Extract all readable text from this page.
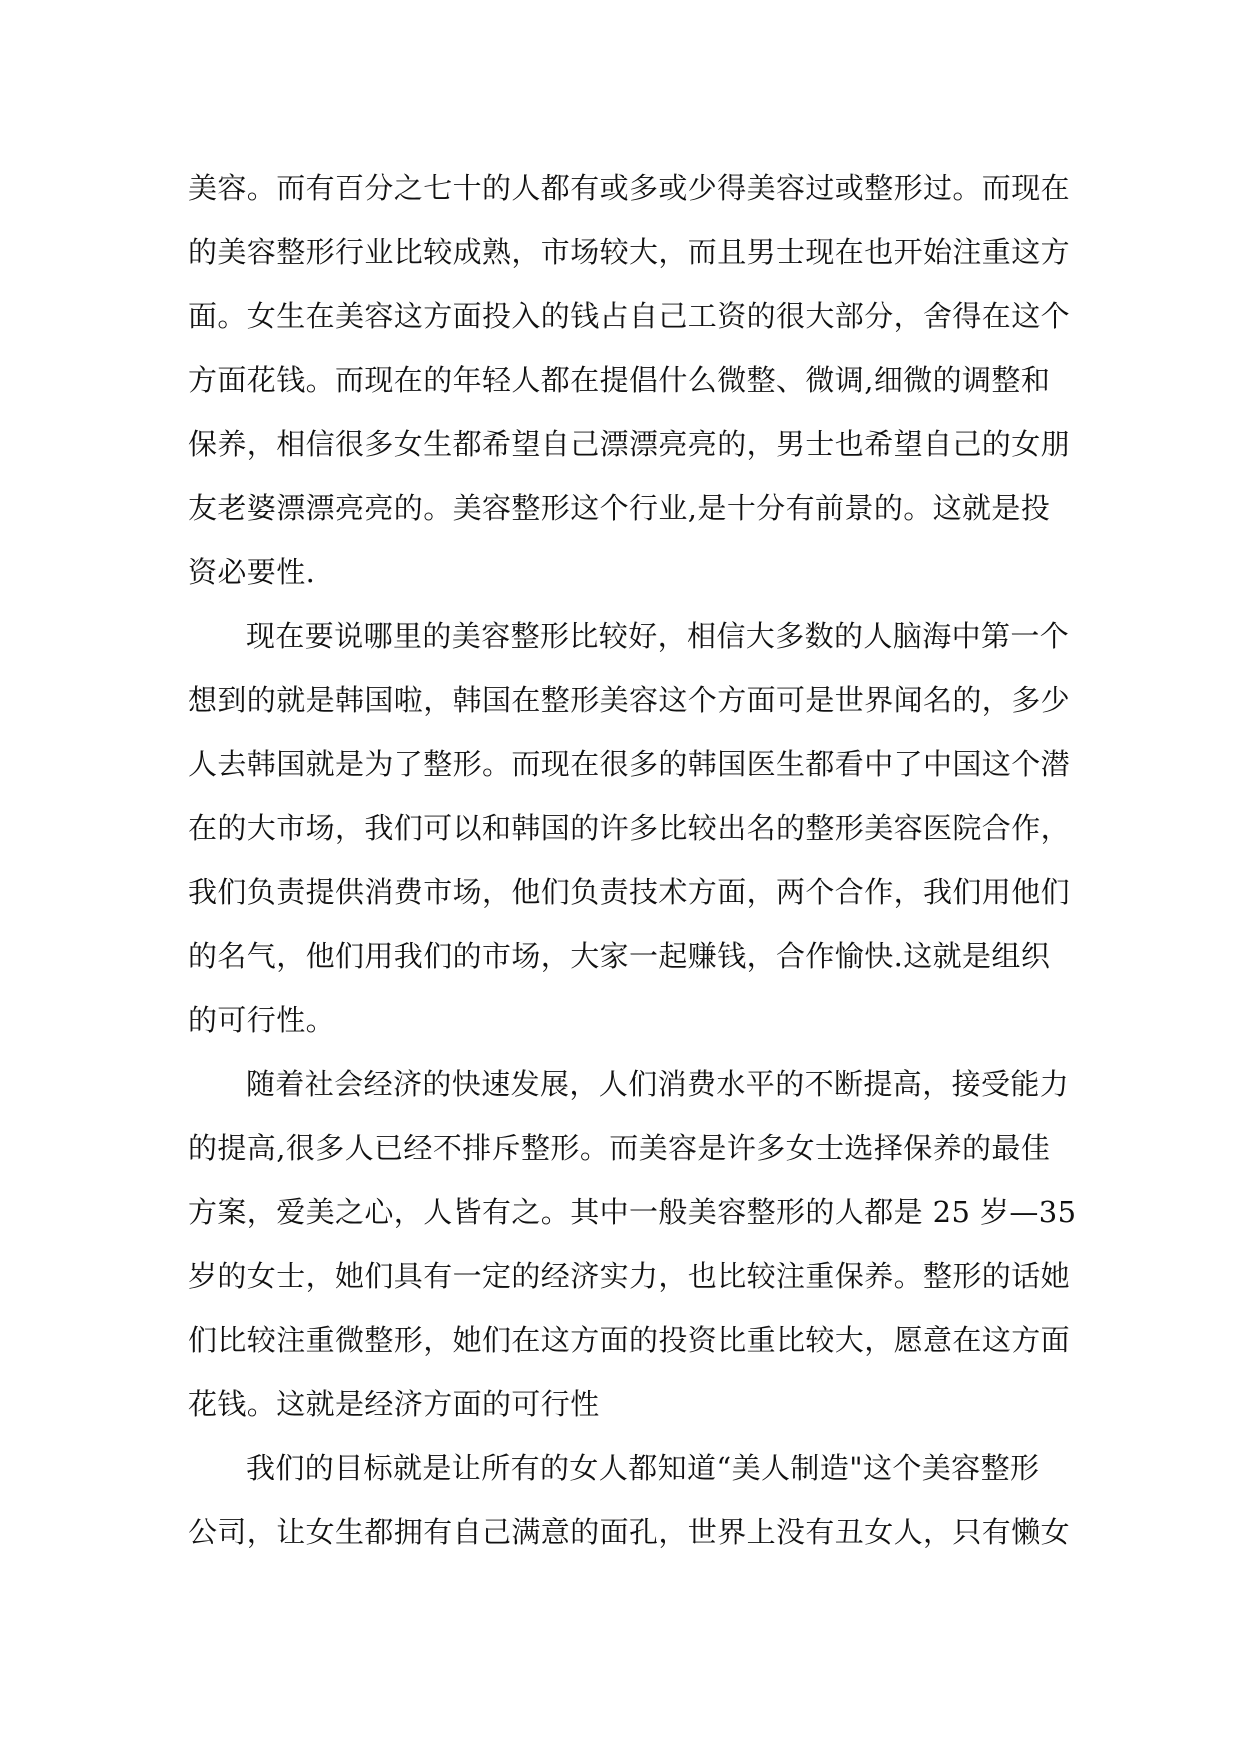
美容。而有百分之七十的人都有或多或少得美容过或整形过。而现在
的美容整形行业比较成熟，市场较大，而且男士现在也开始注重这方
面。女生在美容这方面投入的钱占自己工资的很大部分，舍得在这个
方面花钱。而现在的年轻人都在提倡什么微整、微调,细微的调整和
保养，相信很多女生都希望自己漂漂亮亮的，男士也希望自己的女朋
友老婆漂漂亮亮的。美容整形这个行业,是十分有前景的。这就是投
资必要性.
现在要说哪里的美容整形比较好，相信大多数的人脑海中第一个
想到的就是韩国啦，韩国在整形美容这个方面可是世界闻名的，多少
人去韩国就是为了整形。而现在很多的韩国医生都看中了中国这个潜
在的大市场，我们可以和韩国的许多比较出名的整形美容医院合作，
我们负责提供消费市场，他们负责技术方面，两个合作，我们用他们
的名气，他们用我们的市场，大家一起赚钱，合作愉快.这就是组织
的可行性。
随着社会经济的快速发展，人们消费水平的不断提高，接受能力
的提高,很多人已经不排斥整形。而美容是许多女士选择保养的最佳
方案，爱美之心，人皆有之。其中一般美容整形的人都是 25 岁—35
岁的女士，她们具有一定的经济实力，也比较注重保养。整形的话她
们比较注重微整形，她们在这方面的投资比重比较大，愿意在这方面
花钱。这就是经济方面的可行性
我们的目标就是让所有的女人都知道“美人制造"这个美容整形
公司，让女生都拥有自己满意的面孔，世界上没有丑女人，只有懒女
